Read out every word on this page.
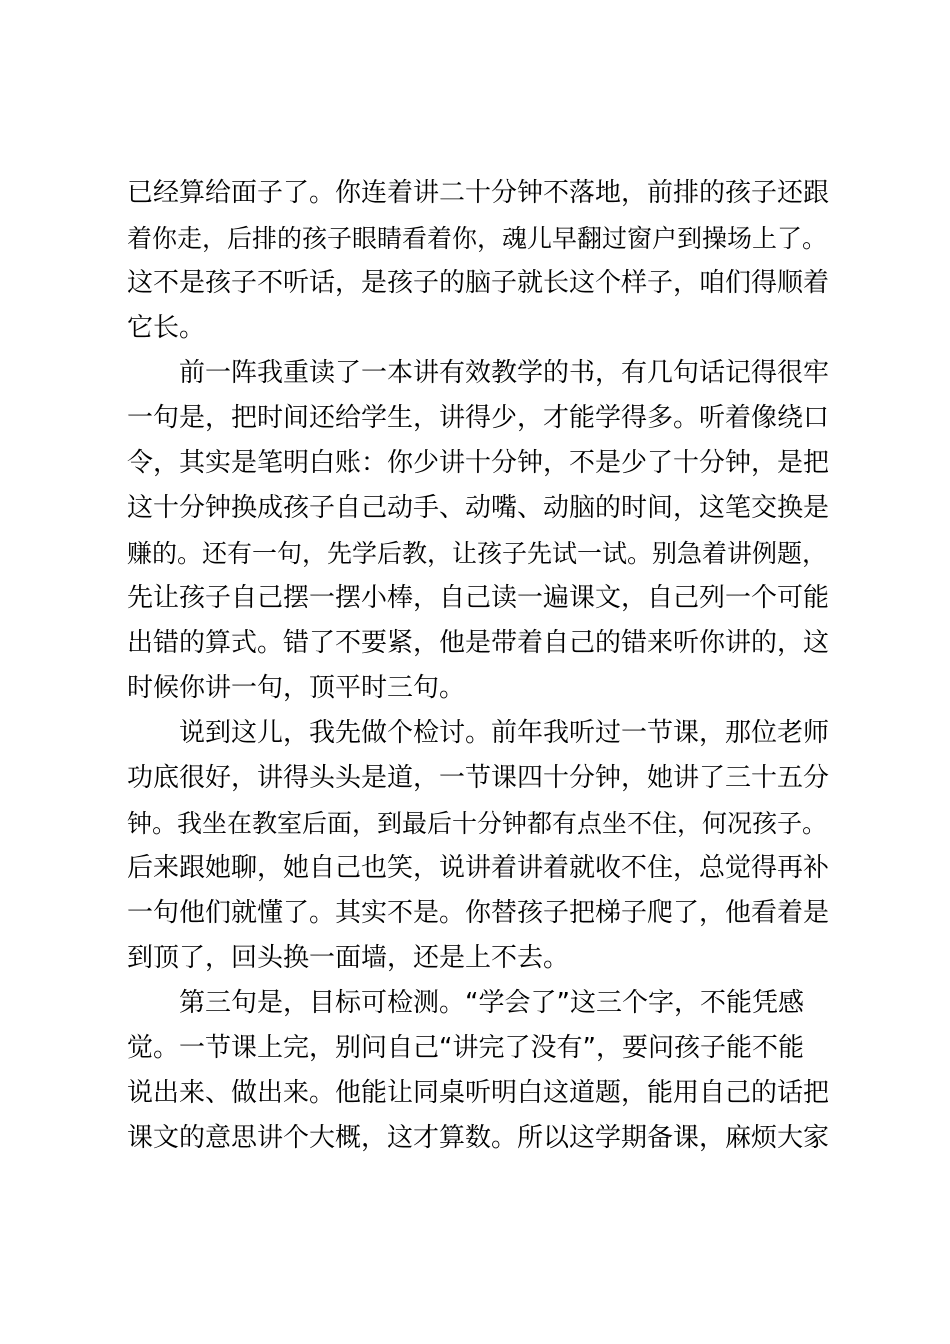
已经算给面子了。你连着讲二十分钟不落地，前排的孩子还跟
着你走，后排的孩子眼睛看着你，魂儿早翻过窗户到操场上了。
这不是孩子不听话，是孩子的脑子就长这个样子，咱们得顺着
它长。
前一阵我重读了一本讲有效教学的书，有几句话记得很牢
一句是，把时间还给学生，讲得少，才能学得多。听着像绕口
令，其实是笔明白账：你少讲十分钟，不是少了十分钟，是把
这十分钟换成孩子自己动手、动嘴、动脑的时间，这笔交换是
赚的。还有一句，先学后教，让孩子先试一试。别急着讲例题，
先让孩子自己摆一摆小棒，自己读一遍课文，自己列一个可能
出错的算式。错了不要紧，他是带着自己的错来听你讲的，这
时候你讲一句，顶平时三句。
说到这儿，我先做个检讨。前年我听过一节课，那位老师
功底很好，讲得头头是道，一节课四十分钟，她讲了三十五分
钟。我坐在教室后面，到最后十分钟都有点坐不住，何况孩子。
后来跟她聊，她自己也笑，说讲着讲着就收不住，总觉得再补
一句他们就懂了。其实不是。你替孩子把梯子爬了，他看着是
到顶了，回头换一面墙，还是上不去。
第三句是，目标可检测。“学会了”这三个字，不能凭感
觉。一节课上完，别问自己“讲完了没有”，要问孩子能不能
说出来、做出来。他能让同桌听明白这道题，能用自己的话把
课文的意思讲个大概，这才算数。所以这学期备课，麻烦大家
